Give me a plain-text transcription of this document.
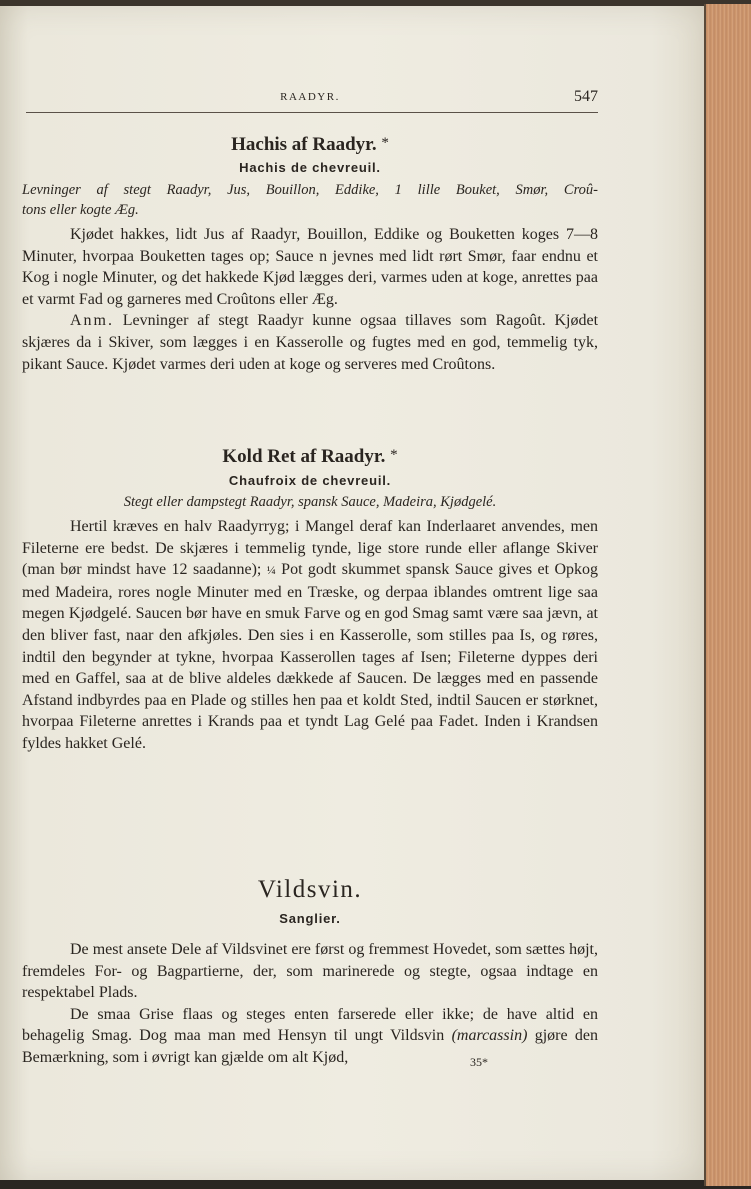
RAADYR.	547
Hachis af Raadyr. *
Hachis de chevreuil.
Levninger af stegt Raadyr, Jus, Bouillon, Eddike, 1 lille Bouket, Smør, Croû-
tons eller kogte Æg.

Kjødet hakkes, lidt Jus af Raadyr, Bouillon, Eddike og Bouketten koges 7—8 Minuter, hvorpaa Bouketten tages op; Sauce n jevnes med lidt rørt Smør, faar endnu et Kog i nogle Minuter, og det hakkede Kjød lægges deri, varmes uden at koge, anrettes paa et varmt Fad og garneres med Croûtons eller Æg.

Anm. Levninger af stegt Raadyr kunne ogsaa tillaves som Ragoût. Kjødet skjæres da i Skiver, som lægges i en Kasserolle og fugtes med en god, temmelig tyk, pikant Sauce. Kjødet varmes deri uden at koge og serveres med Croûtons.

Kold Ret af Raadyr. *
Chaufroix de chevreuil.
Stegt eller dampstegt Raadyr, spansk Sauce, Madeira, Kjødgelé.

Hertil kræves en halv Raadyrryg; i Mangel deraf kan Inderlaaret anvendes, men Fileterne ere bedst. De skjæres i temmelig tynde, lige store runde eller aflange Skiver (man bør mindst have 12 saadanne); ¼ Pot godt skummet spansk Sauce gives et Opkog med Madeira, rores nogle Minuter med en Træske, og derpaa iblandes omtrent lige saa megen Kjødgelé. Saucen bør have en smuk Farve og en god Smag samt være saa jævn, at den bliver fast, naar den afkjøles. Den sies i en Kasserolle, som stilles paa Is, og røres, indtil den begynder at tykne, hvorpaa Kasserollen tages af Isen; Fileterne dyppes deri med en Gaffel, saa at de blive aldeles dækkede af Saucen. De lægges med en passende Afstand indbyrdes paa en Plade og stilles hen paa et koldt Sted, indtil Saucen er størknet, hvorpaa Fileterne anrettes i Krands paa et tyndt Lag Gelé paa Fadet. Inden i Krandsen fyldes hakket Gelé.

Vildsvin.
Sanglier.

De mest ansete Dele af Vildsvinet ere først og fremmest Hovedet, som sættes højt, fremdeles For- og Bagpartierne, der, som marinerede og stegte, ogsaa indtage en respektabel Plads.

De smaa Grise flaas og steges enten farserede eller ikke; de have altid en behagelig Smag. Dog maa man med Hensyn til ungt Vildsvin (marcassin) gjøre den Bemærkning, som i øvrigt kan gjælde om alt Kjød,	35*
